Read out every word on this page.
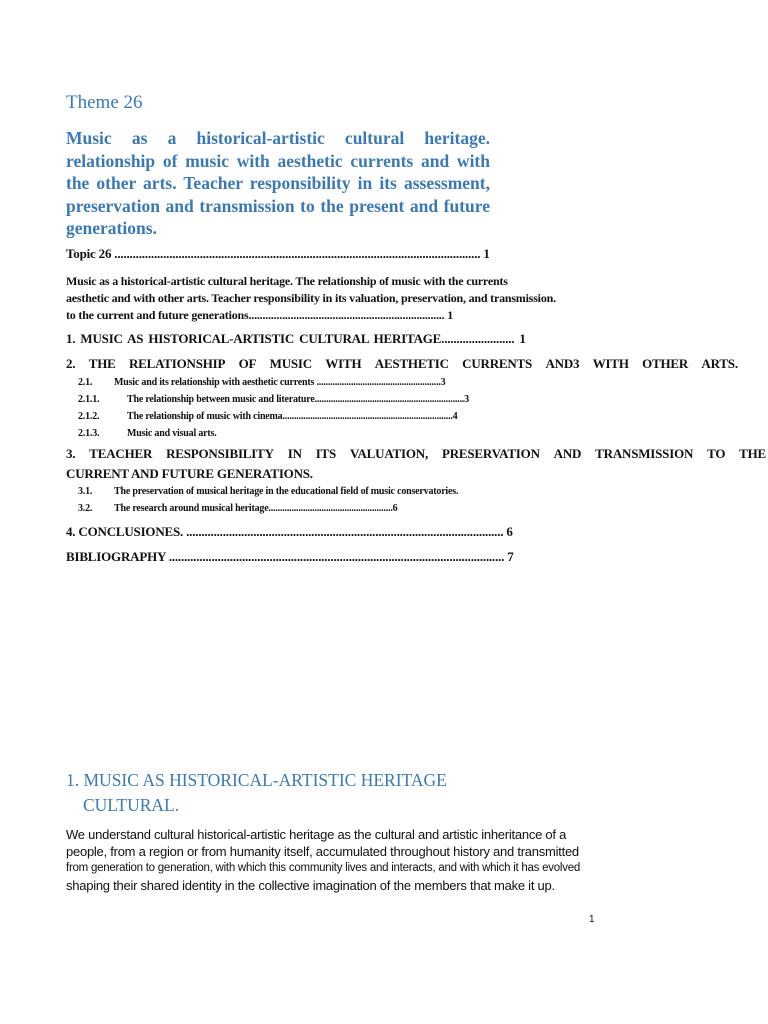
Theme 26
Music as a historical-artistic cultural heritage. relationship of music with aesthetic currents and with the other arts. Teacher responsibility in its assessment, preservation and transmission to the present and future generations.
Topic 26 ........................................................................................................................ 1
Music as a historical-artistic cultural heritage. The relationship of music with the currents
aesthetic and with other arts. Teacher responsibility in its valuation, preservation, and transmission.
to the current and future generations...................................................................... 1
1. MUSIC AS HISTORICAL-ARTISTIC CULTURAL HERITAGE........................ 1
2. THE RELATIONSHIP OF MUSIC WITH AESTHETIC CURRENTS AND3 WITH OTHER ARTS.
2.1. Music and its relationship with aesthetic currents ......................................................3
2.1.1.	The relationship between music and literature.................................................................3
2.1.2.	The relationship of music with cinema..........................................................................4
2.1.3.	Music and visual arts.
3. TEACHER RESPONSIBILITY IN ITS VALUATION, PRESERVATION AND TRANSMISSION TO THE
CURRENT AND FUTURE GENERATIONS.
3.1. The preservation of musical heritage in the educational field of music conservatories.
3.2. The research around musical heritage......................................................6
4. CONCLUSIONES. ........................................................................................................ 6
BIBLIOGRAPHY .............................................................................................................. 7
1. MUSIC AS HISTORICAL-ARTISTIC HERITAGE
CULTURAL.

We understand cultural historical-artistic heritage as the cultural and artistic inheritance of a
people, from a region or from humanity itself, accumulated throughout history and transmitted
from generation to generation, with which this community lives and interacts, and with which it has evolved
shaping their shared identity in the collective imagination of the members that make it up.

1
